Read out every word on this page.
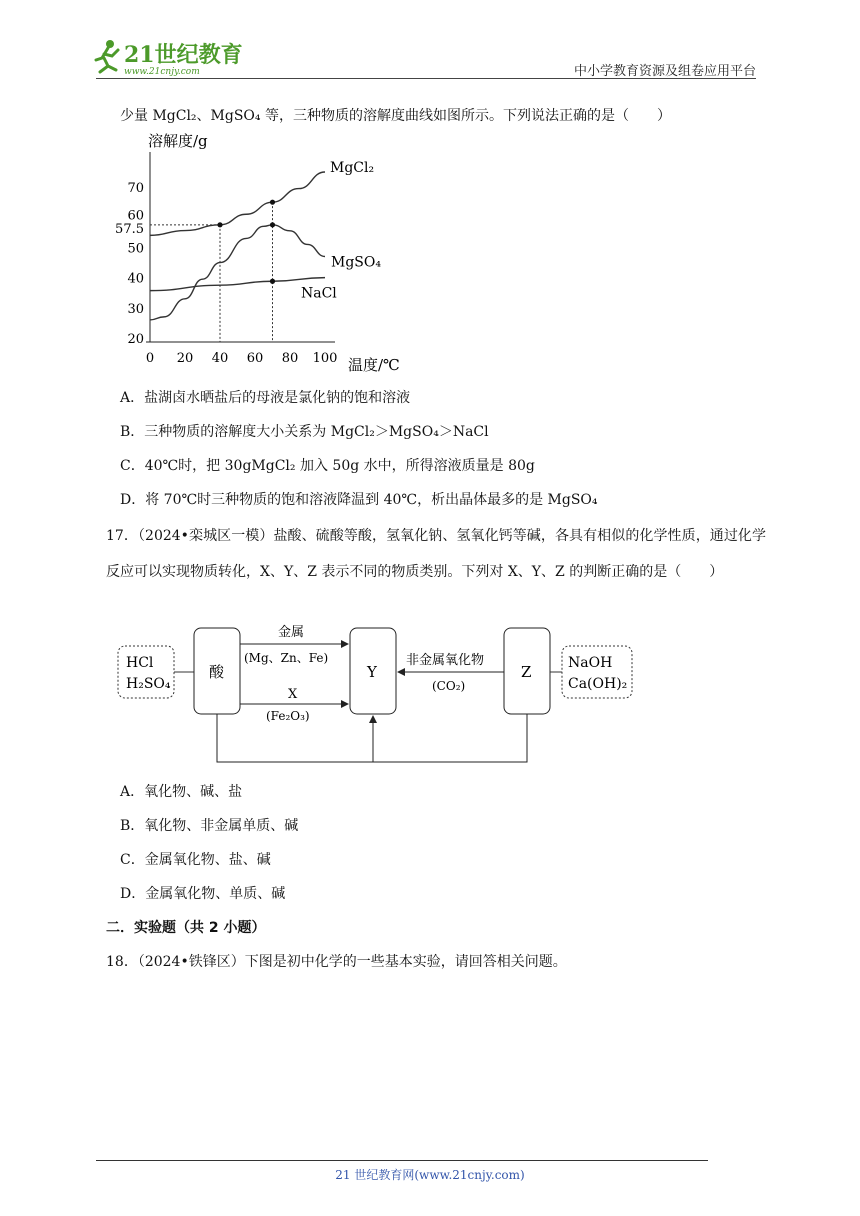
21世纪教育
www.21cnjy.com	中小学教育资源及组卷应用平台
少量 MgCl₂、MgSO₄ 等，三种物质的溶解度曲线如图所示。下列说法正确的是（　　）
0 20 40 60 80 100
20
30
40
50
57.5
60
70
MgCl₂
MgSO₄
NaCl
溶解度/g
温度/℃
A．盐湖卤水晒盐后的母液是氯化钠的饱和溶液
B．三种物质的溶解度大小关系为 MgCl₂＞MgSO₄＞NaCl
C．40℃时，把 30gMgCl₂ 加入 50g 水中，所得溶液质量是 80g
D．将 70℃时三种物质的饱和溶液降温到 40℃，析出晶体最多的是 MgSO₄
17．（2024•栾城区一模）盐酸、硫酸等酸，氢氧化钠、氢氧化钙等碱，各具有相似的化学性质，通过化学反应可以实现物质转化，X、Y、Z 表示不同的物质类别。下列对 X、Y、Z 的判断正确的是（　　）
HCl
H₂SO₄
酸	Y	Z	NaOH
Ca(OH)₂
金属
(Mg、Zn、Fe)
X
(Fe₂O₃)
非金属氧化物
(CO₂)
A．氧化物、碱、盐
B．氧化物、非金属单质、碱
C．金属氧化物、盐、碱
D．金属氧化物、单质、碱
二．实验题（共 2 小题）
18．（2024•铁锋区）下图是初中化学的一些基本实验，请回答相关问题。
21 世纪教育网(www.21cnjy.com)
